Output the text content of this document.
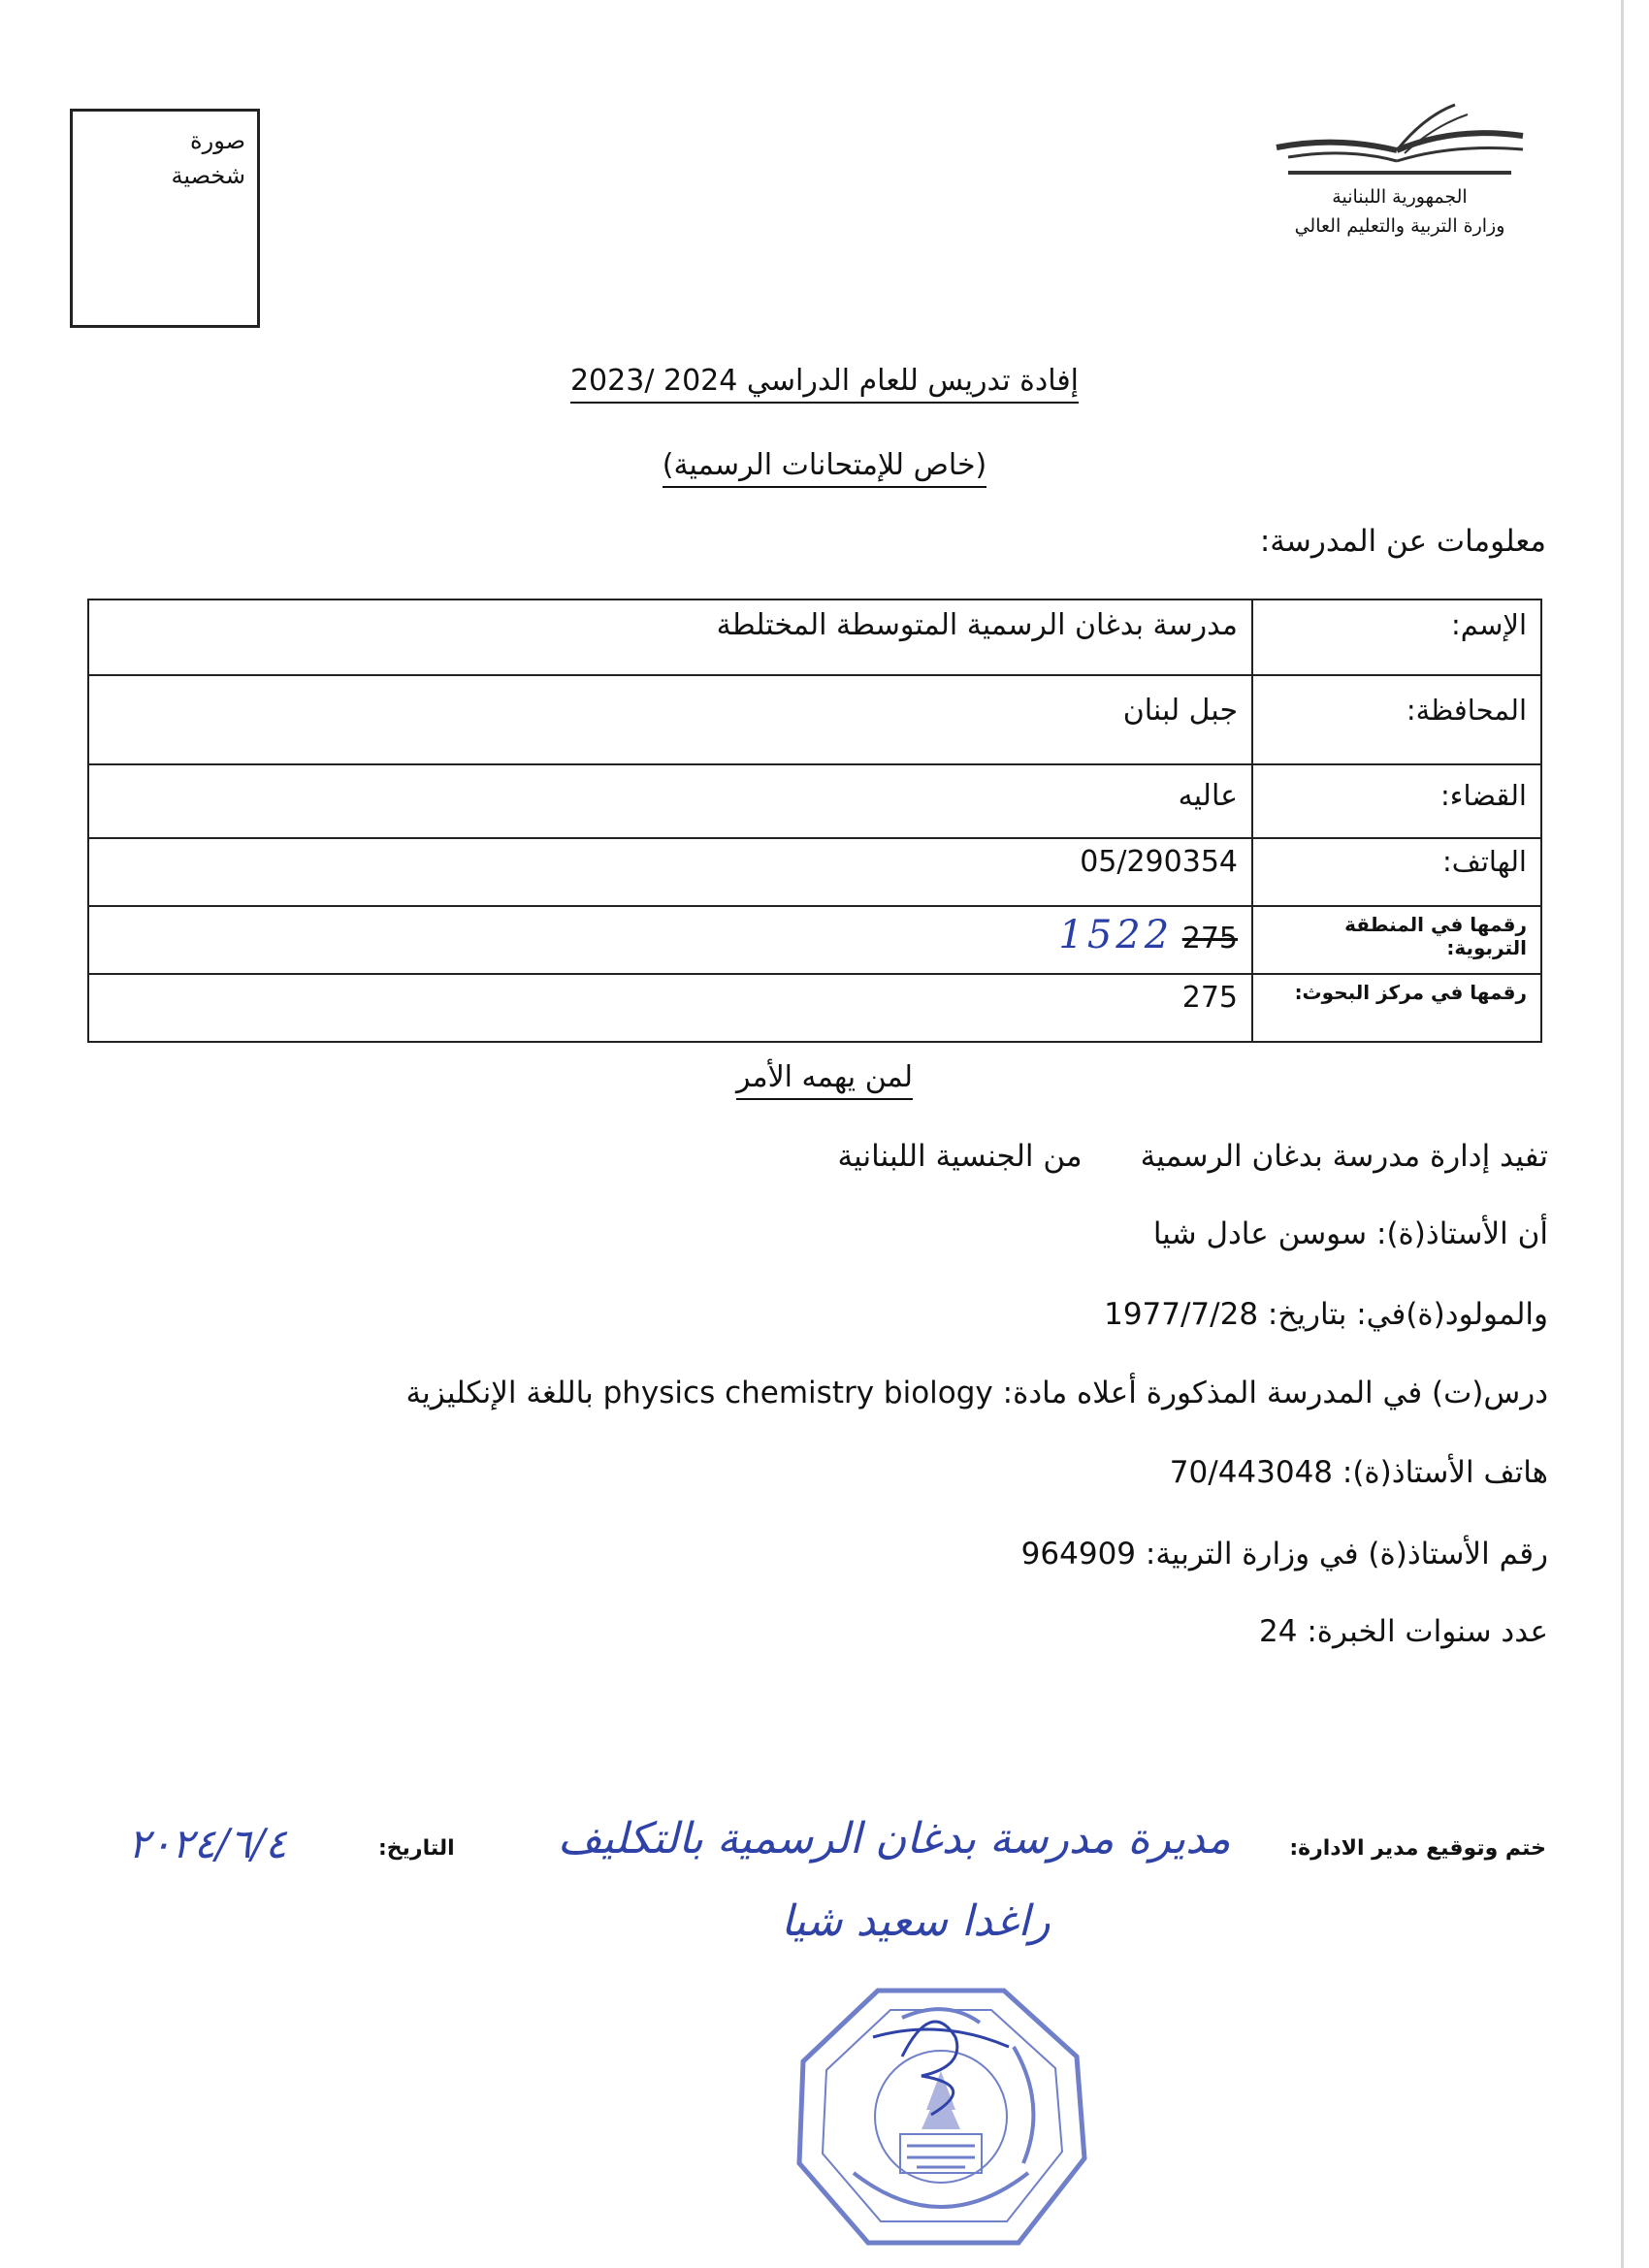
صورة شخصية
الجمهورية اللبنانية
وزارة التربية والتعليم العالي
إفادة تدريس للعام الدراسي 2024 /2023
(خاص للإمتحانات الرسمية)
معلومات عن المدرسة:
الإسم:	مدرسة بدغان الرسمية المتوسطة المختلطة
المحافظة:	جبل لبنان
القضاء:	عاليه
الهاتف:	05/290354
رقمها في المنطقة التربوية:	275 1522
رقمها في مركز البحوث:	275
لمن يهمه الأمر
تفيد إدارة مدرسة بدغان الرسميةمن الجنسية اللبنانية
أن الأستاذ(ة): سوسن عادل شيا
والمولود(ة)في: بتاريخ: 1977/7/28
درس(ت) في المدرسة المذكورة أعلاه مادة: physics chemistry biology باللغة الإنكليزية
هاتف الأستاذ(ة): 70/443048
رقم الأستاذ(ة) في وزارة التربية: 964909
عدد سنوات الخبرة: 24
ختم وتوقيع مدير الادارة:
التاريخ:
٢٠٢٤/٦/٤	مديرة مدرسة بدغان الرسمية بالتكليف
راغدا سعيد شيا
